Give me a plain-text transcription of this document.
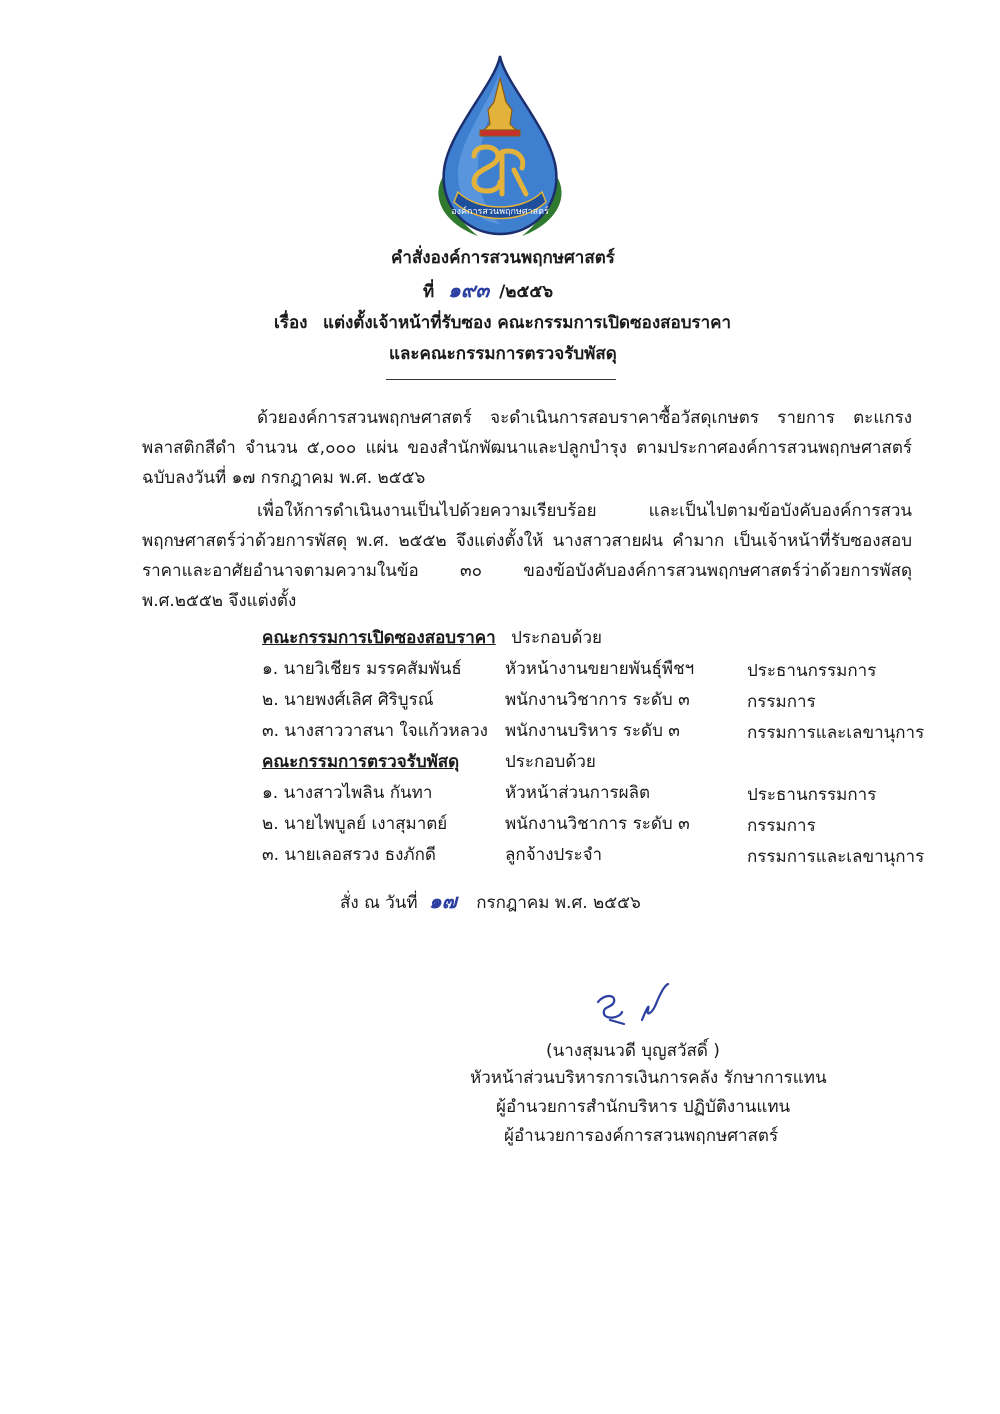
องค์การสวนพฤกษศาสตร์
คำสั่งองค์การสวนพฤกษศาสตร์
ที่ ๑๙๓ /๒๕๕๖
เรื่อง แต่งตั้งเจ้าหน้าที่รับซอง คณะกรรมการเปิดซองสอบราคา
และคณะกรรมการตรวจรับพัสดุ
ด้วยองค์การสวนพฤกษศาสตร์ จะดำเนินการสอบราคาซื้อวัสดุเกษตร รายการ ตะแกรงพลาสติกสีดำ จำนวน ๕,๐๐๐ แผ่น ของสำนักพัฒนาและปลูกบำรุง ตามประกาศองค์การสวนพฤกษศาสตร์ ฉบับลงวันที่ ๑๗ กรกฎาคม พ.ศ. ๒๕๕๖
เพื่อให้การดำเนินงานเป็นไปด้วยความเรียบร้อย และเป็นไปตามข้อบังคับองค์การสวนพฤกษศาสตร์ว่าด้วยการพัสดุ พ.ศ. ๒๕๕๒ จึงแต่งตั้งให้ นางสาวสายฝน คำมาก เป็นเจ้าหน้าที่รับซองสอบราคาและอาศัยอำนาจตามความในข้อ ๓๐ ของข้อบังคับองค์การสวนพฤกษศาสตร์ว่าด้วยการพัสดุ พ.ศ.๒๕๕๒ จึงแต่งตั้ง
คณะกรรมการเปิดซองสอบราคา ประกอบด้วย
๑. นายวิเชียร มรรคสัมพันธ์	หัวหน้างานขยายพันธุ์พืชฯ	ประธานกรรมการ
๒. นายพงศ์เลิศ ศิริบูรณ์	พนักงานวิชาการ ระดับ ๓	กรรมการ
๓. นางสาววาสนา ใจแก้วหลวง พนักงานบริหาร ระดับ ๓	กรรมการและเลขานุการ
คณะกรรมการตรวจรับพัสดุ	ประกอบด้วย
๑. นางสาวไพลิน กันทา	หัวหน้าส่วนการผลิต	ประธานกรรมการ
๒. นายไพบูลย์ เงาสุมาตย์	พนักงานวิชาการ ระดับ ๓	กรรมการ
๓. นายเลอสรวง ธงภักดี	ลูกจ้างประจำ	กรรมการและเลขานุการ
สั่ง ณ วันที่ ๑๗ กรกฎาคม พ.ศ. ๒๕๕๖
(นางสุมนวดี บุญสวัสดิ์ )
หัวหน้าส่วนบริหารการเงินการคลัง รักษาการแทน
ผู้อำนวยการสำนักบริหาร ปฏิบัติงานแทน
ผู้อำนวยการองค์การสวนพฤกษศาสตร์
